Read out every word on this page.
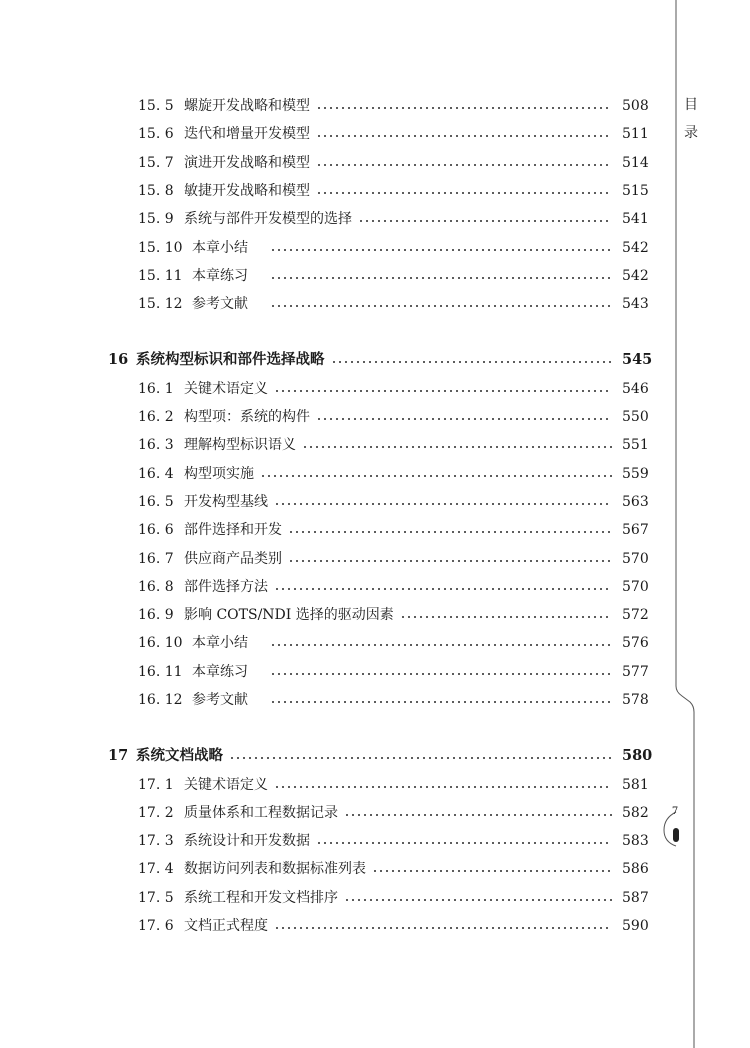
15. 5 螺旋开发战略和模型	508
15. 6 迭代和增量开发模型	511
15. 7 演进开发战略和模型	514
15. 8 敏捷开发战略和模型	515
15. 9 系统与部件开发模型的选择	541
15. 10 本章小结	542
15. 11 本章练习	542
15. 12 参考文献	543
16 系统构型标识和部件选择战略	545
16. 1 关键术语定义	546
16. 2 构型项：系统的构件	550
16. 3 理解构型标识语义	551
16. 4 构型项实施	559
16. 5 开发构型基线	563
16. 6 部件选择和开发	567
16. 7 供应商产品类别	570
16. 8 部件选择方法	570
16. 9 影响 COTS/NDI 选择的驱动因素	572
16. 10 本章小结	576
16. 11 本章练习	577
16. 12 参考文献	578
17 系统文档战略	580
17. 1 关键术语定义	581
17. 2 质量体系和工程数据记录	582
17. 3 系统设计和开发数据	583
17. 4 数据访问列表和数据标准列表	586
17. 5 系统工程和开发文档排序	587
17. 6 文档正式程度	590
目
录
7
